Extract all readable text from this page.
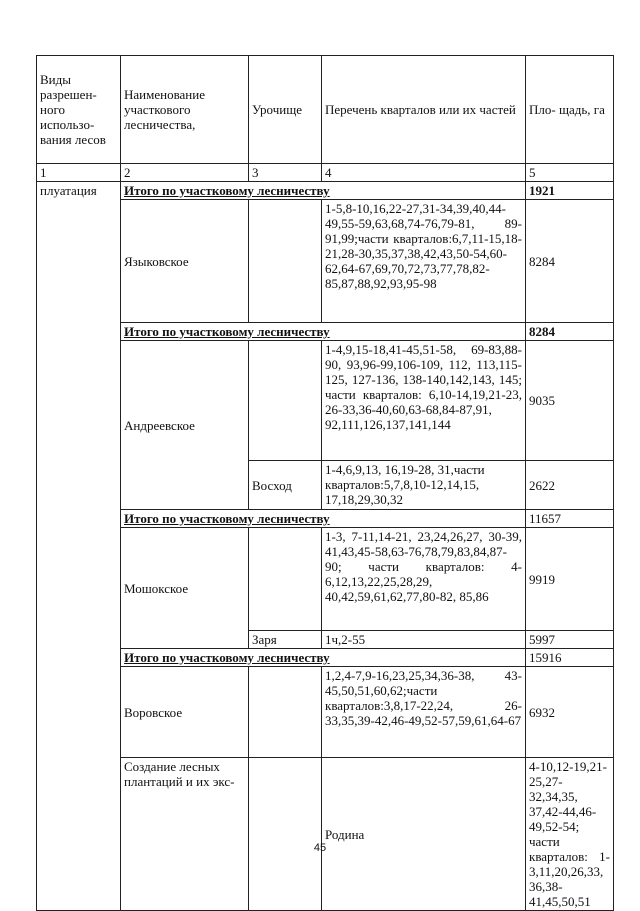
Виды разрешен- ного использо- вания лесов	Наименование участкового лесничества,	Урочище	Перечень кварталов или их частей	Пло- щадь, га	
1	2	3	4	5	
плуатация	Итого по участковому лесничеству			1921	
	Языковское		1-5,8-10,16,22-27,31-34,39,40,44-49,55-59,63,68,74-76,79-81, 89-91,99;части кварталов:6,7,11-15,18-21,28-30,35,37,38,42,43,50-54,60-62,64-67,69,70,72,73,77,78,82-85,87,88,92,93,95-98	8284	
	Итого по участковому лесничеству			8284	
	Андреевское		1-4,9,15-18,41-45,51-58, 69-83,88-90, 93,96-99,106-109, 112, 113,115-125, 127-136, 138-140,142,143, 145; части кварталов: 6,10-14,19,21-23, 26-33,36-40,60,63-68,84-87,91, 92,111,126,137,141,144	9035	
		Восход	1-4,6,9,13, 16,19-28, 31,части кварталов:5,7,8,10-12,14,15, 17,18,29,30,32	2622	
	Итого по участковому лесничеству			11657	
	Мошокское		1-3, 7-11,14-21, 23,24,26,27, 30-39, 41,43,45-58,63-76,78,79,83,84,87-90; части кварталов: 4-6,12,13,22,25,28,29, 40,42,59,61,62,77,80-82, 85,86	9919	
		Заря	1ч,2-55	5997	
	Итого по участковому лесничеству			15916	
	Воровское		1,2,4-7,9-16,23,25,34,36-38, 43-45,50,51,60,62;части кварталов:3,8,17-22,24, 26-33,35,39-42,46-49,52-57,59,61,64-67	6932	
	Создание лесных плантаций и их экс-		Родина	4-10,12-19,21-25,27-32,34,35, 37,42-44,46-49,52-54; части кварталов: 1-3,11,20,26,33, 36,38-41,45,50,51	
45
